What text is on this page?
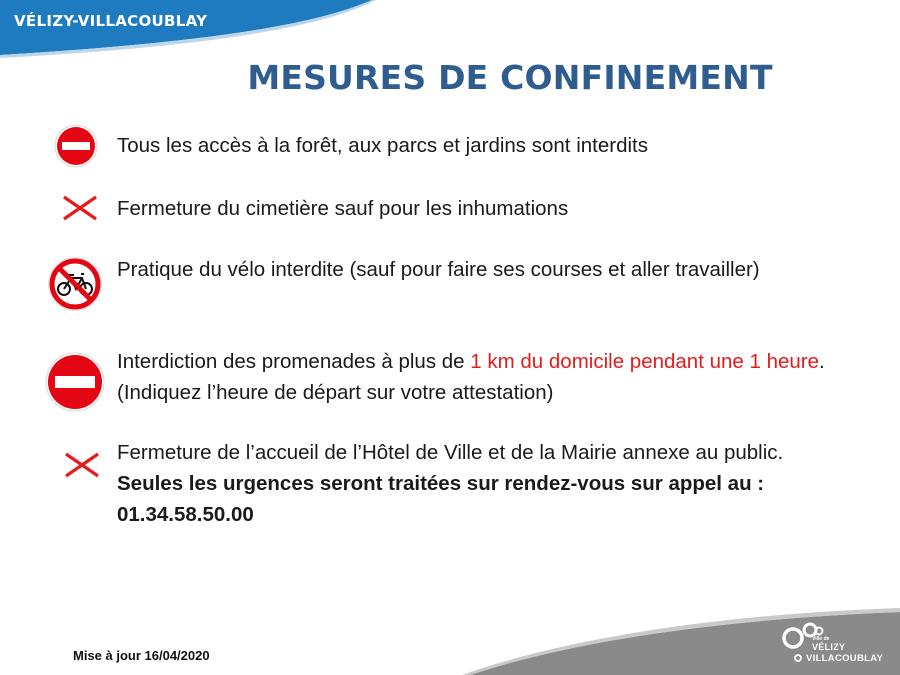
VÉLIZY-VILLACOUBLAY
MESURES DE CONFINEMENT
Tous les accès à la forêt, aux parcs et jardins sont interdits
Fermeture du cimetière sauf pour les inhumations
Pratique du vélo interdite (sauf pour faire ses courses et aller travailler)
Interdiction des promenades à plus de 1 km du domicile pendant une 1 heure. (Indiquez l’heure de départ sur votre attestation)
Fermeture de l’accueil de l’Hôtel de Ville et de la Mairie annexe au public.
Seules les urgences seront traitées sur rendez-vous sur appel au :
01.34.58.50.00
Mise à jour 16/04/2020
Ville de
VÉLIZY
VILLACOUBLAY
